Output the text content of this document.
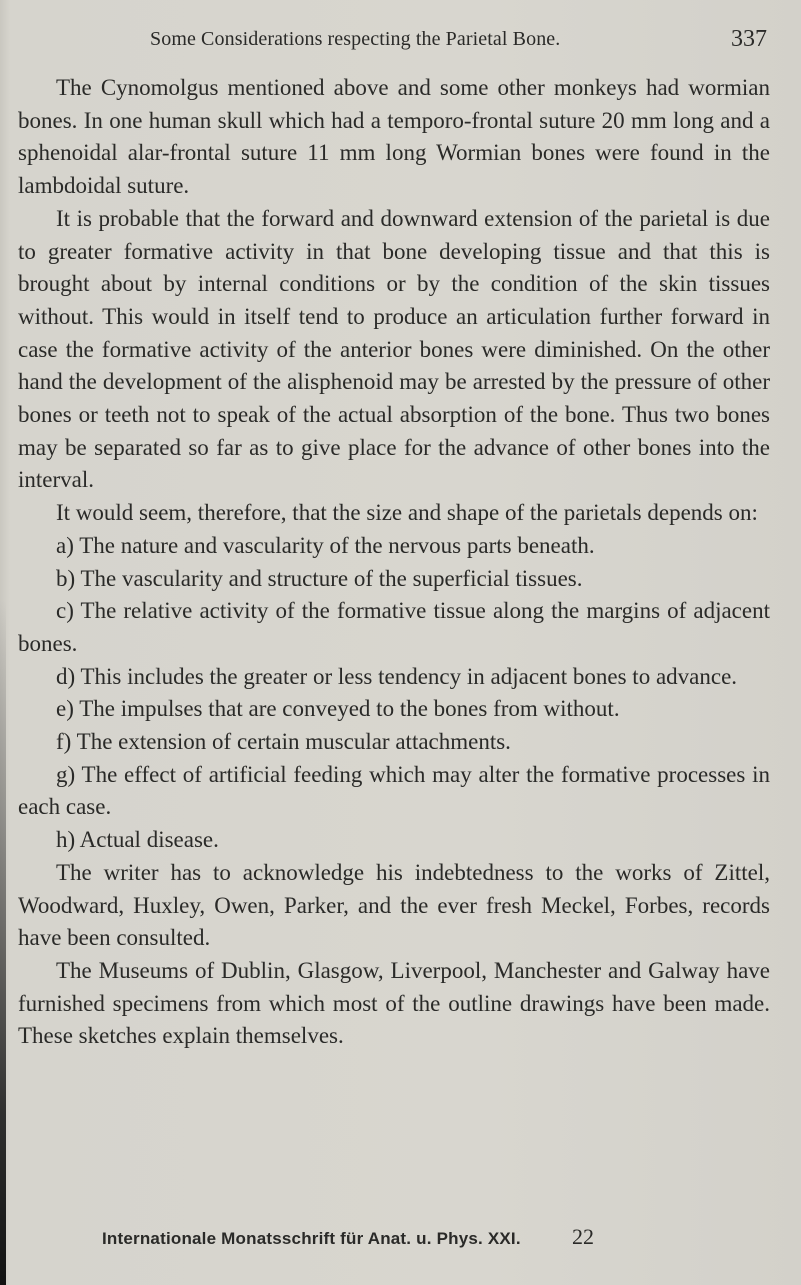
Some Considerations respecting the Parietal Bone.	337

The Cynomolgus mentioned above and some other monkeys had wormian bones. In one human skull which had a temporo-frontal suture 20 mm long and a sphenoidal alar-frontal suture 11 mm long Wormian bones were found in the lambdoidal suture.

It is probable that the forward and downward extension of the parietal is due to greater formative activity in that bone developing tissue and that this is brought about by internal conditions or by the condition of the skin tissues without. This would in itself tend to produce an articulation further forward in case the formative activity of the anterior bones were diminished. On the other hand the development of the alisphenoid may be arrested by the pressure of other bones or teeth not to speak of the actual absorption of the bone. Thus two bones may be separated so far as to give place for the advance of other bones into the interval.

It would seem, therefore, that the size and shape of the parietals depends on:

a) The nature and vascularity of the nervous parts beneath.

b) The vascularity and structure of the superficial tissues.

c) The relative activity of the formative tissue along the margins of adjacent bones.

d) This includes the greater or less tendency in adjacent bones to advance.

e) The impulses that are conveyed to the bones from without.

f) The extension of certain muscular attachments.

g) The effect of artificial feeding which may alter the formative processes in each case.

h) Actual disease.

The writer has to acknowledge his indebtedness to the works of Zittel, Woodward, Huxley, Owen, Parker, and the ever fresh Meckel, Forbes, records have been consulted.

The Museums of Dublin, Glasgow, Liverpool, Manchester and Galway have furnished specimens from which most of the outline drawings have been made. These sketches explain themselves.

Internationale Monatsschrift für Anat. u. Phys. XXI. 22
